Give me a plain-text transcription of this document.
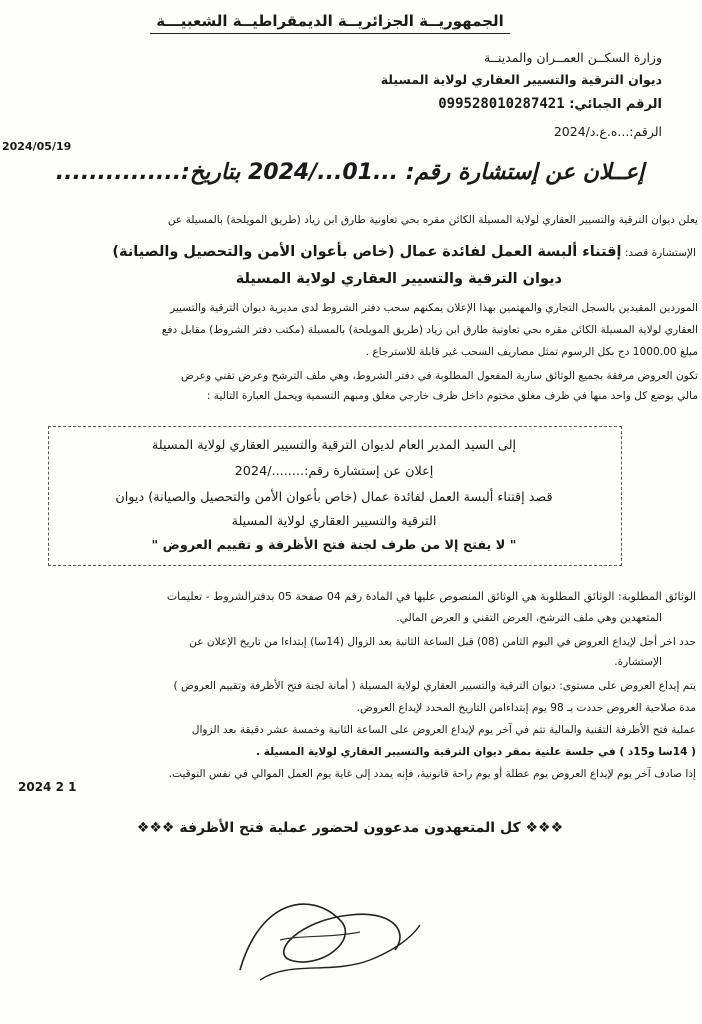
الجمهوريــة الجزائريــة الديمقراطيــة الشعبيـــة
وزارة السكــن العمــران والمدينــة
ديوان الترقية والتسيير العقاري لولاية المسيلة
الرقم الجبائي: 099528010287421
الرقم:...ه.ع.د/2024
إعــلان عن إستشارة رقم: ...01.../2024 بتاريخ:...............
2024/05/19
يعلن ديوان الترقية والتسيير العقاري لولاية المسيلة الكائن مقره بحي تعاونية طارق ابن زياد (طريق المويلحة) بالمسيلة عن
الإستشارة قصد: إقتناء ألبسة العمل لفائدة عمال (خاص بأعوان الأمن والتحصيل والصيانة)
ديوان الترقية والتسيير العقاري لولاية المسيلة
الموردين المقيدين بالسجل التجاري والمهتمين بهذا الإعلان يمكنهم سحب دفتر الشروط لدى مديرية ديوان الترقية والتسيير
العقاري لولاية المسيلة الكائن مقره بحي تعاونية طارق ابن زياد (طريق المويلحة) بالمسيلة (مكتب دفتر الشروط) مقابل دفع
مبلغ 1000.00 دج بكل الرسوم تمثل مصاريف السحب غير قابلة للاسترجاع .
تكون العروض مرفقة بجميع الوثائق سارية المفعول المطلوبة في دفتر الشروط، وهي ملف الترشح وعرض تقني وعرض
مالي بوضع كل واحد منها في ظرف مغلق مختوم داخل ظرف خارجي مغلق ومبهم التسمية ويحمل العبارة التالية :
إلى السيد المدير العام لديوان الترقية والتسيير العقاري لولاية المسيلة
إعلان عن إستشارة رقم:......../2024
قصد إقتناء ألبسة العمل لفائدة عمال (خاص بأعوان الأمن والتحصيل والصيانة) ديوان
الترقية والتسيير العقاري لولاية المسيلة
" لا يفتح إلا من طرف لجنة فتح الأظرفة و تقييم العروض "
الوثائق المطلوبة: الوثائق المطلوبة هي الوثائق المنصوص عليها في المادة رقم 04 صفحة 05 بدفترالشروط - تعليمات
المتعهدين وهي ملف الترشح، العرض التقني و العرض المالي.
حدد اخر أجل لإيداع العروض في اليوم الثامن (08) قبل الساعة الثانية بعد الزوال (14سا) إبتداءا من تاريخ الإعلان عن
الإستشارة.
يتم إيداع العروض على مستوى: ديوان الترقية والتسيير العقاري لولاية المسيلة ( أمانة لجنة فتح الأظرفة وتقييم العروض )
مدة صلاحية العروض حددت بـ 98 يوم إبتداءامن التاريخ المحدد لإيداع العروض.
عملية فتح الأظرفة التقنية والمالية تتم في آخر يوم لإيداع العروض على الساعة الثانية وخمسة عشر دقيقة بعد الزوال
( 14سا و15د ) في جلسة علنية بمقر ديوان الترقية والتسيير العقاري لولاية المسيلة .
إذا صادف آخر يوم لإيداع العروض يوم عطلة أو يوم راحة قانونية، فإنه يمدد إلى غاية يوم العمل الموالي في نفس التوقيت.
2024 2 1
❖❖❖ كل المتعهدون مدعوون لحضور عملية فتح الأظرفة ❖❖❖
